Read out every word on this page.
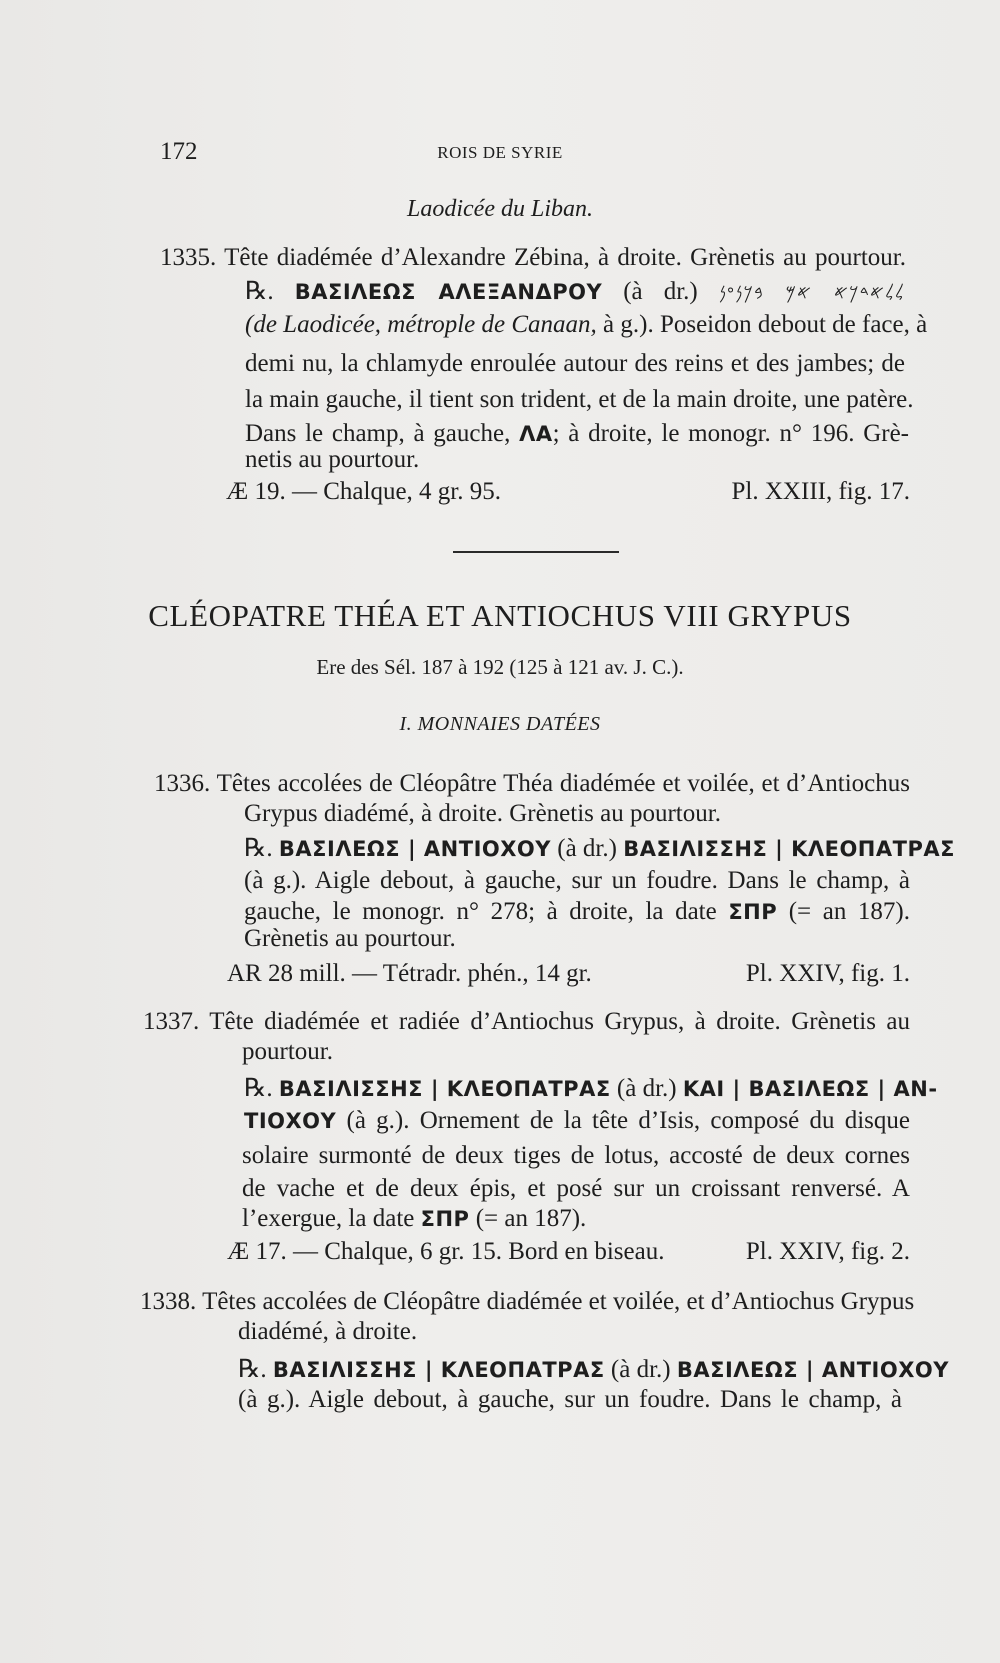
172	ROIS DE SYRIE
Laodicée du Liban.
1335. Tête diadémée d’Alexandre Zébina, à droite. Grènetis au pourtour.
℞. ΒΑΣΙΛΕΩΣ ΑΛΕΞΑΝΔΡΟΥ (à dr.) 𐤋𐤋𐤀𐤃𐤊𐤀 𐤀𐤌 𐤁𐤊𐤍𐤏𐤍
(de Laodicée, métrople de Canaan, à g.). Poseidon debout de face, à
demi nu, la chlamyde enroulée autour des reins et des jambes; de
la main gauche, il tient son trident, et de la main droite, une patère.
Dans le champ, à gauche, ΛΑ; à droite, le monogr. n° 196. Grè-
netis au pourtour.
Æ 19. — Chalque, 4 gr. 95.	Pl. XXIII, fig. 17.
CLÉOPATRE THÉA ET ANTIOCHUS VIII GRYPUS
Ere des Sél. 187 à 192 (125 à 121 av. J. C.).
I. MONNAIES DATÉES
1336. Têtes accolées de Cléopâtre Théa diadémée et voilée, et d’Antiochus
Grypus diadémé, à droite. Grènetis au pourtour.
℞. ΒΑΣΙΛΕΩΣ | ΑΝΤΙΟΧΟΥ (à dr.) ΒΑΣΙΛΙΣΣΗΣ | ΚΛΕΟΠΑΤΡΑΣ
(à g.). Aigle debout, à gauche, sur un foudre. Dans le champ, à
gauche, le monogr. n° 278; à droite, la date ΣΠΡ (= an 187).
Grènetis au pourtour.
AR 28 mill. — Tétradr. phén., 14 gr.	Pl. XXIV, fig. 1.
1337. Tête diadémée et radiée d’Antiochus Grypus, à droite. Grènetis au
pourtour.
℞. ΒΑΣΙΛΙΣΣΗΣ | ΚΛΕΟΠΑΤΡΑΣ (à dr.) ΚΑΙ | ΒΑΣΙΛΕΩΣ | ΑΝ-
ΤΙΟΧΟΥ (à g.). Ornement de la tête d’Isis, composé du disque
solaire surmonté de deux tiges de lotus, accosté de deux cornes
de vache et de deux épis, et posé sur un croissant renversé. A
l’exergue, la date ΣΠΡ (= an 187).
Æ 17. — Chalque, 6 gr. 15. Bord en biseau.	Pl. XXIV, fig. 2.
1338. Têtes accolées de Cléopâtre diadémée et voilée, et d’Antiochus Grypus
diadémé, à droite.
℞. ΒΑΣΙΛΙΣΣΗΣ | ΚΛΕΟΠΑΤΡΑΣ (à dr.) ΒΑΣΙΛΕΩΣ | ΑΝΤΙΟΧΟΥ
(à g.). Aigle debout, à gauche, sur un foudre. Dans le champ, à
